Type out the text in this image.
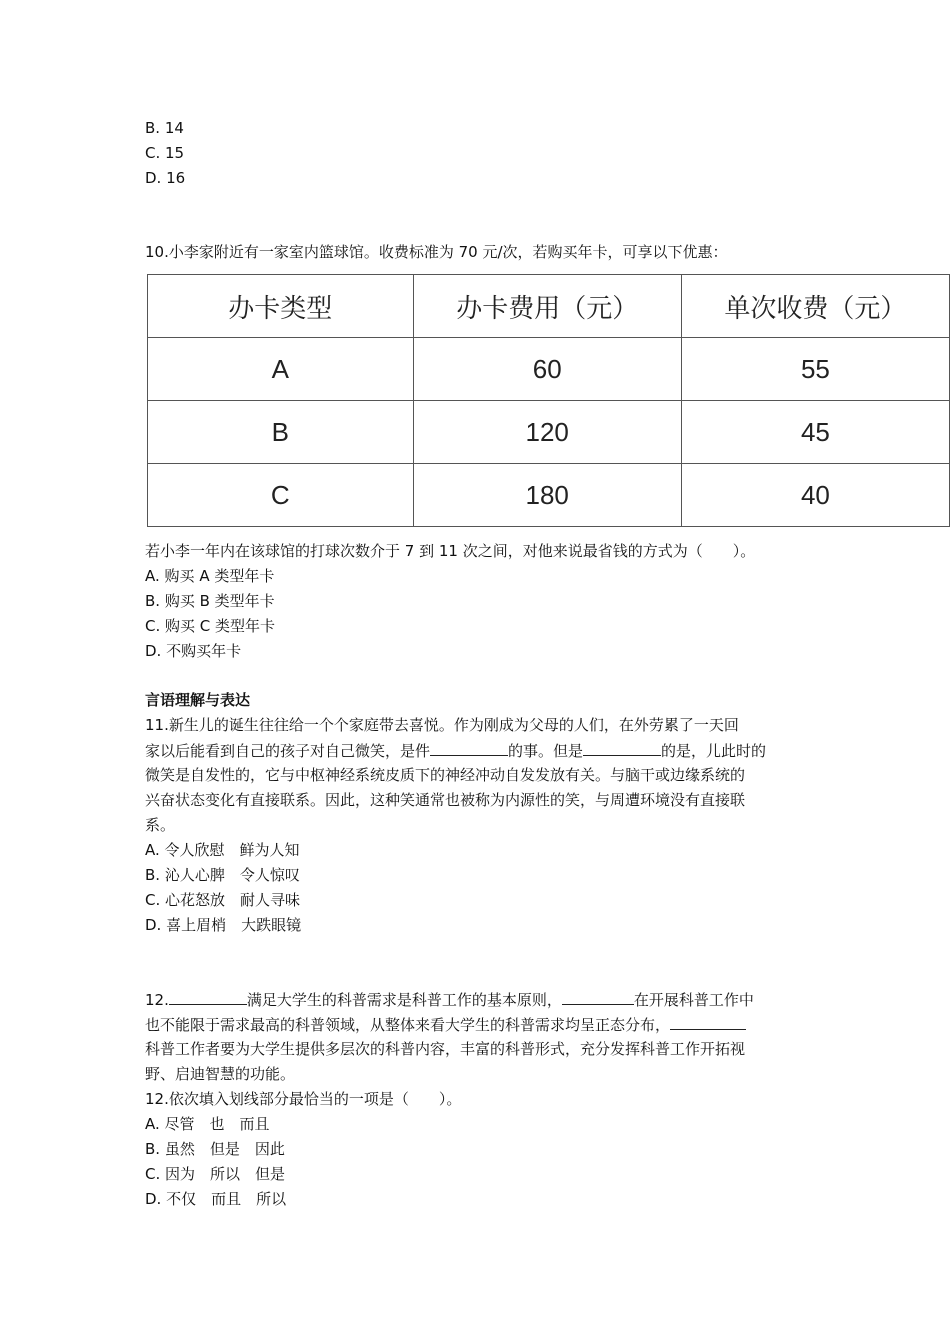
B. 14
C. 15
D. 16
10.小李家附近有一家室内篮球馆。收费标准为 70 元/次，若购买年卡，可享以下优惠：
办卡类型	办卡费用（元）	单次收费（元）
A	60	55
B	120	45
C	180	40
若小李一年内在该球馆的打球次数介于 7 到 11 次之间，对他来说最省钱的方式为（　　）。
A. 购买 A 类型年卡
B. 购买 B 类型年卡
C. 购买 C 类型年卡
D. 不购买年卡
言语理解与表达
11.新生儿的诞生往往给一个个家庭带去喜悦。作为刚成为父母的人们，在外劳累了一天回
家以后能看到自己的孩子对自己微笑，是件	的事。但是	的是，儿此时的
微笑是自发性的，它与中枢神经系统皮质下的神经冲动自发发放有关。与脑干或边缘系统的
兴奋状态变化有直接联系。因此，这种笑通常也被称为内源性的笑，与周遭环境没有直接联
系。
A. 令人欣慰　鲜为人知
B. 沁人心脾　令人惊叹
C. 心花怒放　耐人寻味
D. 喜上眉梢　大跌眼镜
12.	满足大学生的科普需求是科普工作的基本原则，	在开展科普工作中
也不能限于需求最高的科普领域，从整体来看大学生的科普需求均呈正态分布，
科普工作者要为大学生提供多层次的科普内容，丰富的科普形式，充分发挥科普工作开拓视
野、启迪智慧的功能。
12.依次填入划线部分最恰当的一项是（　　）。
A. 尽管　也　而且
B. 虽然　但是　因此
C. 因为　所以　但是
D. 不仅　而且　所以
